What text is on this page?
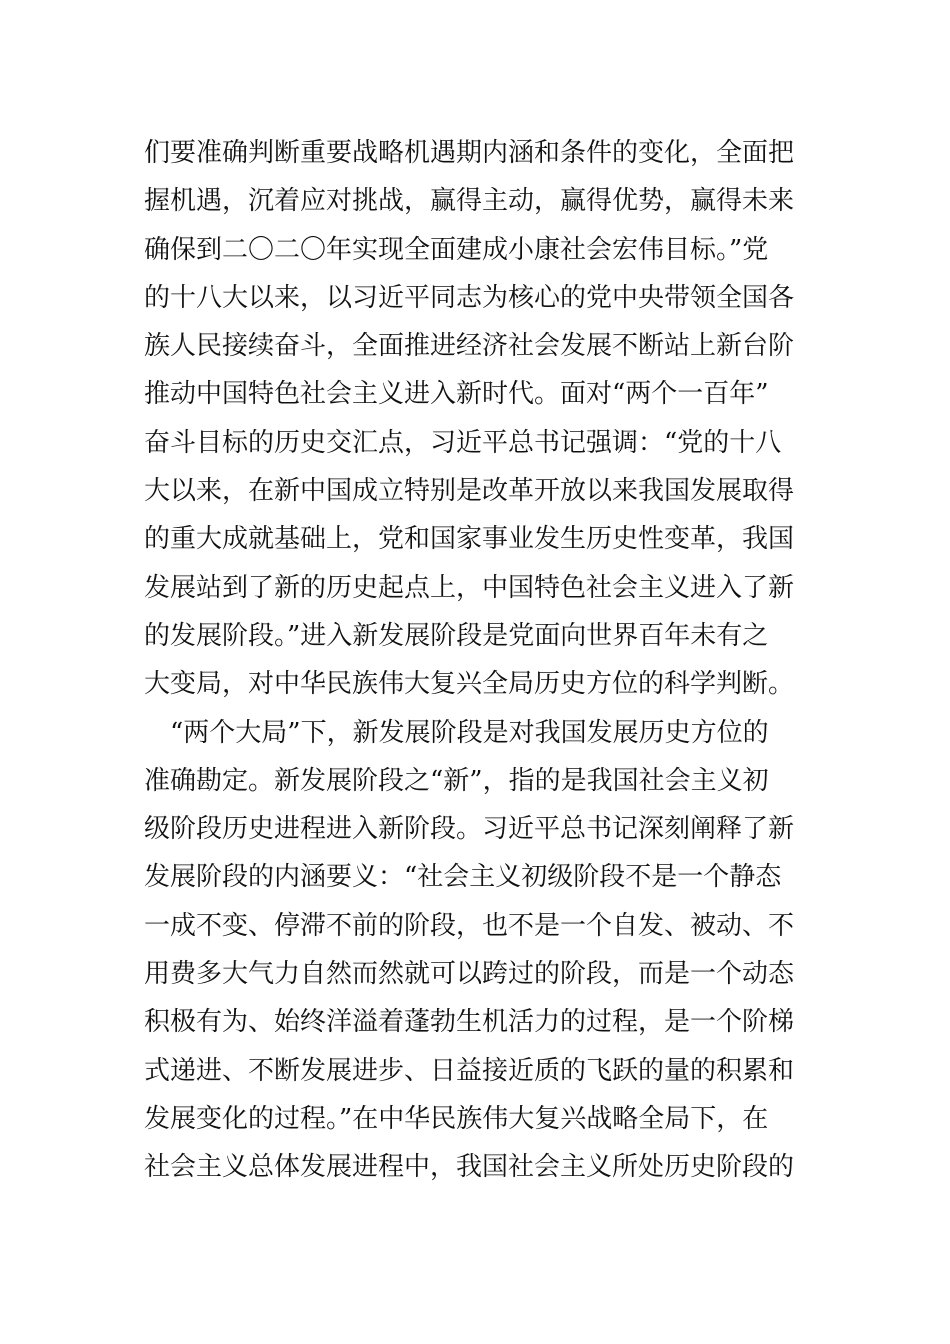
们要准确判断重要战略机遇期内涵和条件的变化，全面把
握机遇，沉着应对挑战，赢得主动，赢得优势，赢得未来
确保到二〇二〇年实现全面建成小康社会宏伟目标。”党
的十八大以来，以习近平同志为核心的党中央带领全国各
族人民接续奋斗，全面推进经济社会发展不断站上新台阶
推动中国特色社会主义进入新时代。面对“两个一百年”
奋斗目标的历史交汇点，习近平总书记强调：“党的十八
大以来，在新中国成立特别是改革开放以来我国发展取得
的重大成就基础上，党和国家事业发生历史性变革，我国
发展站到了新的历史起点上，中国特色社会主义进入了新
的发展阶段。”进入新发展阶段是党面向世界百年未有之
大变局，对中华民族伟大复兴全局历史方位的科学判断。
　“两个大局”下，新发展阶段是对我国发展历史方位的
准确勘定。新发展阶段之“新”，指的是我国社会主义初
级阶段历史进程进入新阶段。习近平总书记深刻阐释了新
发展阶段的内涵要义：“社会主义初级阶段不是一个静态
一成不变、停滞不前的阶段，也不是一个自发、被动、不
用费多大气力自然而然就可以跨过的阶段，而是一个动态
积极有为、始终洋溢着蓬勃生机活力的过程，是一个阶梯
式递进、不断发展进步、日益接近质的飞跃的量的积累和
发展变化的过程。”在中华民族伟大复兴战略全局下，在
社会主义总体发展进程中，我国社会主义所处历史阶段的
